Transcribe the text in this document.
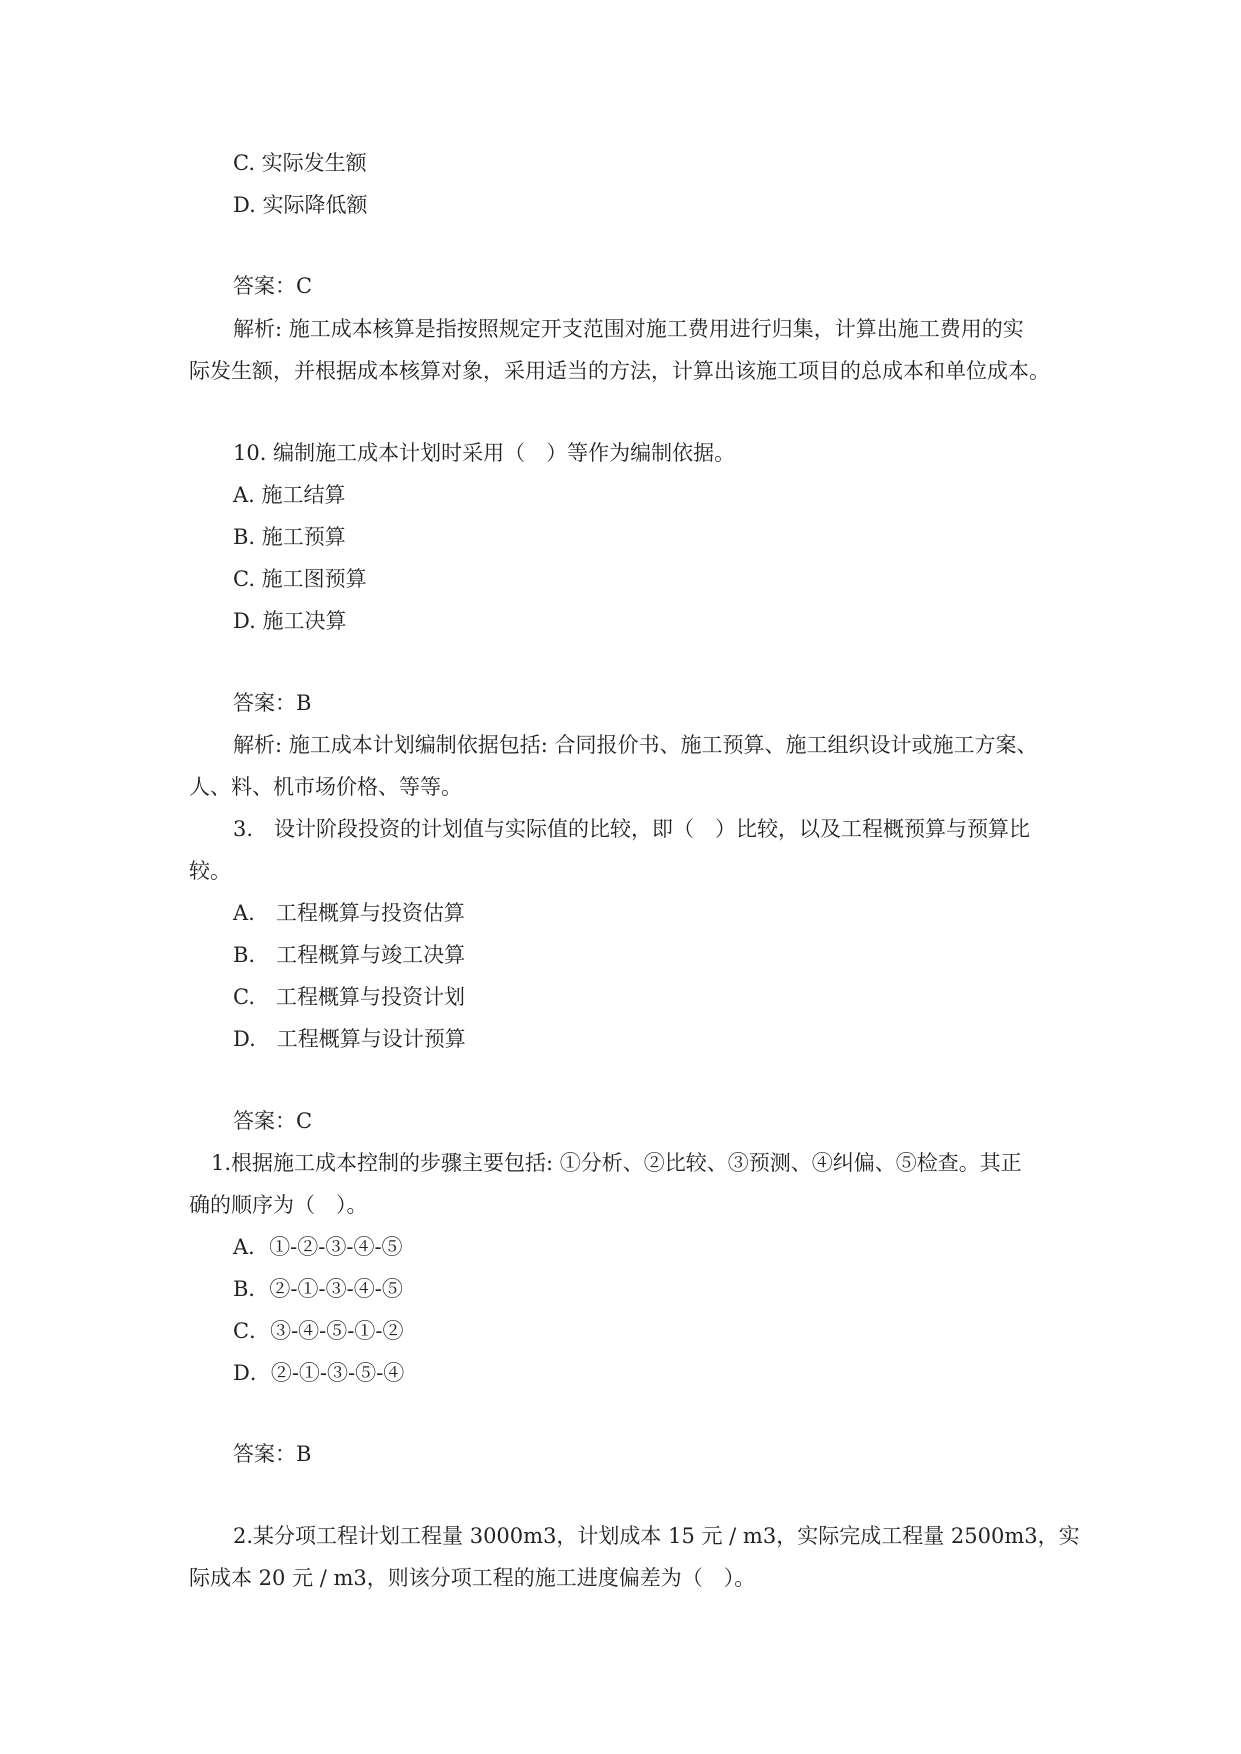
C. 实际发生额
D. 实际降低额
答案：C
解析: 施工成本核算是指按照规定开支范围对施工费用进行归集，计算出施工费用的实
际发生额，并根据成本核算对象，采用适当的方法，计算出该施工项目的总成本和单位成本。
10. 编制施工成本计划时采用（　）等作为编制依据。
A. 施工结算
B. 施工预算
C. 施工图预算
D. 施工决算
答案：B
解析: 施工成本计划编制依据包括: 合同报价书、施工预算、施工组织设计或施工方案、
人、料、机市场价格、等等。
3.　设计阶段投资的计划值与实际值的比较，即（　）比较，以及工程概预算与预算比
较。
A.　工程概算与投资估算
B.　工程概算与竣工决算
C.　工程概算与投资计划
D.　工程概算与设计预算
答案：C
1.根据施工成本控制的步骤主要包括: ①分析、②比较、③预测、④纠偏、⑤检查。其正
确的顺序为（　）。
A．①-②-③-④-⑤
B．②-①-③-④-⑤
C．③-④-⑤-①-②
D．②-①-③-⑤-④
答案：B
2.某分项工程计划工程量 3000m3，计划成本 15 元 / m3，实际完成工程量 2500m3，实
际成本 20 元 / m3，则该分项工程的施工进度偏差为（　）。
